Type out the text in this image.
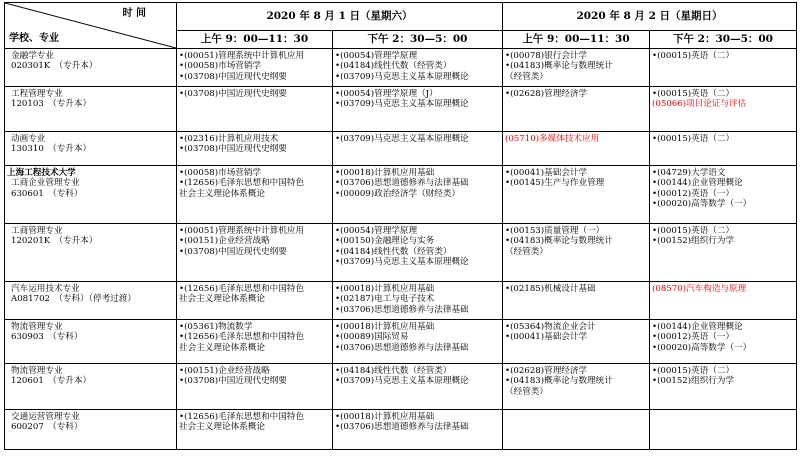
时 间
学校、专业	2020 年 8 月 1 日（星期六）		2020 年 8 月 2 日（星期日）	
	上午 9：00—11：30	下午 2：30—5：00	上午 9：00—11：30	下午 2：30—5：00

金融学专业
020301K　（专升本）	•(00051)管理系统中计算机应用
•(00058)市场营销学
•(03708)中国近现代史纲要	•(00054)管理学原理
•(04184)线性代数（经管类）
•(03709)马克思主义基本原理概论	•(00078)银行会计学
•(04183)概率论与数理统计
（经管类）	•(00015)英语（二）

工程管理专业
120103　（专升本）	•(03708)中国近现代史纲要	•(00054)管理学原理（J）
•(03709)马克思主义基本原理概论	•(02628)管理经济学	•(00015)英语（二）
(05066)项目论证与评估

动画专业
130310　（专升本）	•(02316)计算机应用技术
•(03708)中国近现代史纲要	•(03709)马克思主义基本原理概论	(05710)多媒体技术应用	•(00015)英语（二）

上海工程技术大学
工商企业管理专业
630601　（专科）	•(00058)市场营销学
•(12656)毛泽东思想和中国特色
社会主义理论体系概论	•(00018)计算机应用基础
•(03706)思想道德修养与法律基础
•(00009)政治经济学（财经类）	•(00041)基础会计学
•(00145)生产与作业管理	•(04729)大学语文
•(00144)企业管理概论
•(00012)英语（一）
•(00020)高等数学（一）

工商管理专业
120201K　（专升本）	•(00051)管理系统中计算机应用
•(00151)企业经营战略
•(03708)中国近现代史纲要	•(00054)管理学原理
•(00150)金融理论与实务
•(04184)线性代数（经管类）
•(03709)马克思主义基本原理概论	•(00153)质量管理（一）
•(04183)概率论与数理统计
（经管类）	•(00015)英语（二）
•(00152)组织行为学

汽车运用技术专业
A081702　（专科）（停考过渡）	•(12656)毛泽东思想和中国特色
社会主义理论体系概论	•(00018)计算机应用基础
•(02187)电工与电子技术
•(03706)思想道德修养与法律基础	•(02185)机械设计基础	(08570)汽车构造与原理

物流管理专业
630903　（专科）	•(05361)物流数学
•(12656)毛泽东思想和中国特色
社会主义理论体系概论	•(00018)计算机应用基础
•(00089)国际贸易
•(03706)思想道德修养与法律基础	•(05364)物流企业会计
•(00041)基础会计学	•(00144)企业管理概论
•(00012)英语（一）
•(00020)高等数学（一）

物流管理专业
120601　（专升本）	•(00151)企业经营战略
•(03708)中国近现代史纲要	•(04184)线性代数（经管类）
•(03709)马克思主义基本原理概论	•(02628)管理经济学
•(04183)概率论与数理统计
（经管类）	•(00015)英语（二）
•(00152)组织行为学

交通运营管理专业
600207　（专科）	•(12656)毛泽东思想和中国特色
社会主义理论体系概论	•(00018)计算机应用基础
•(03706)思想道德修养与法律基础		
